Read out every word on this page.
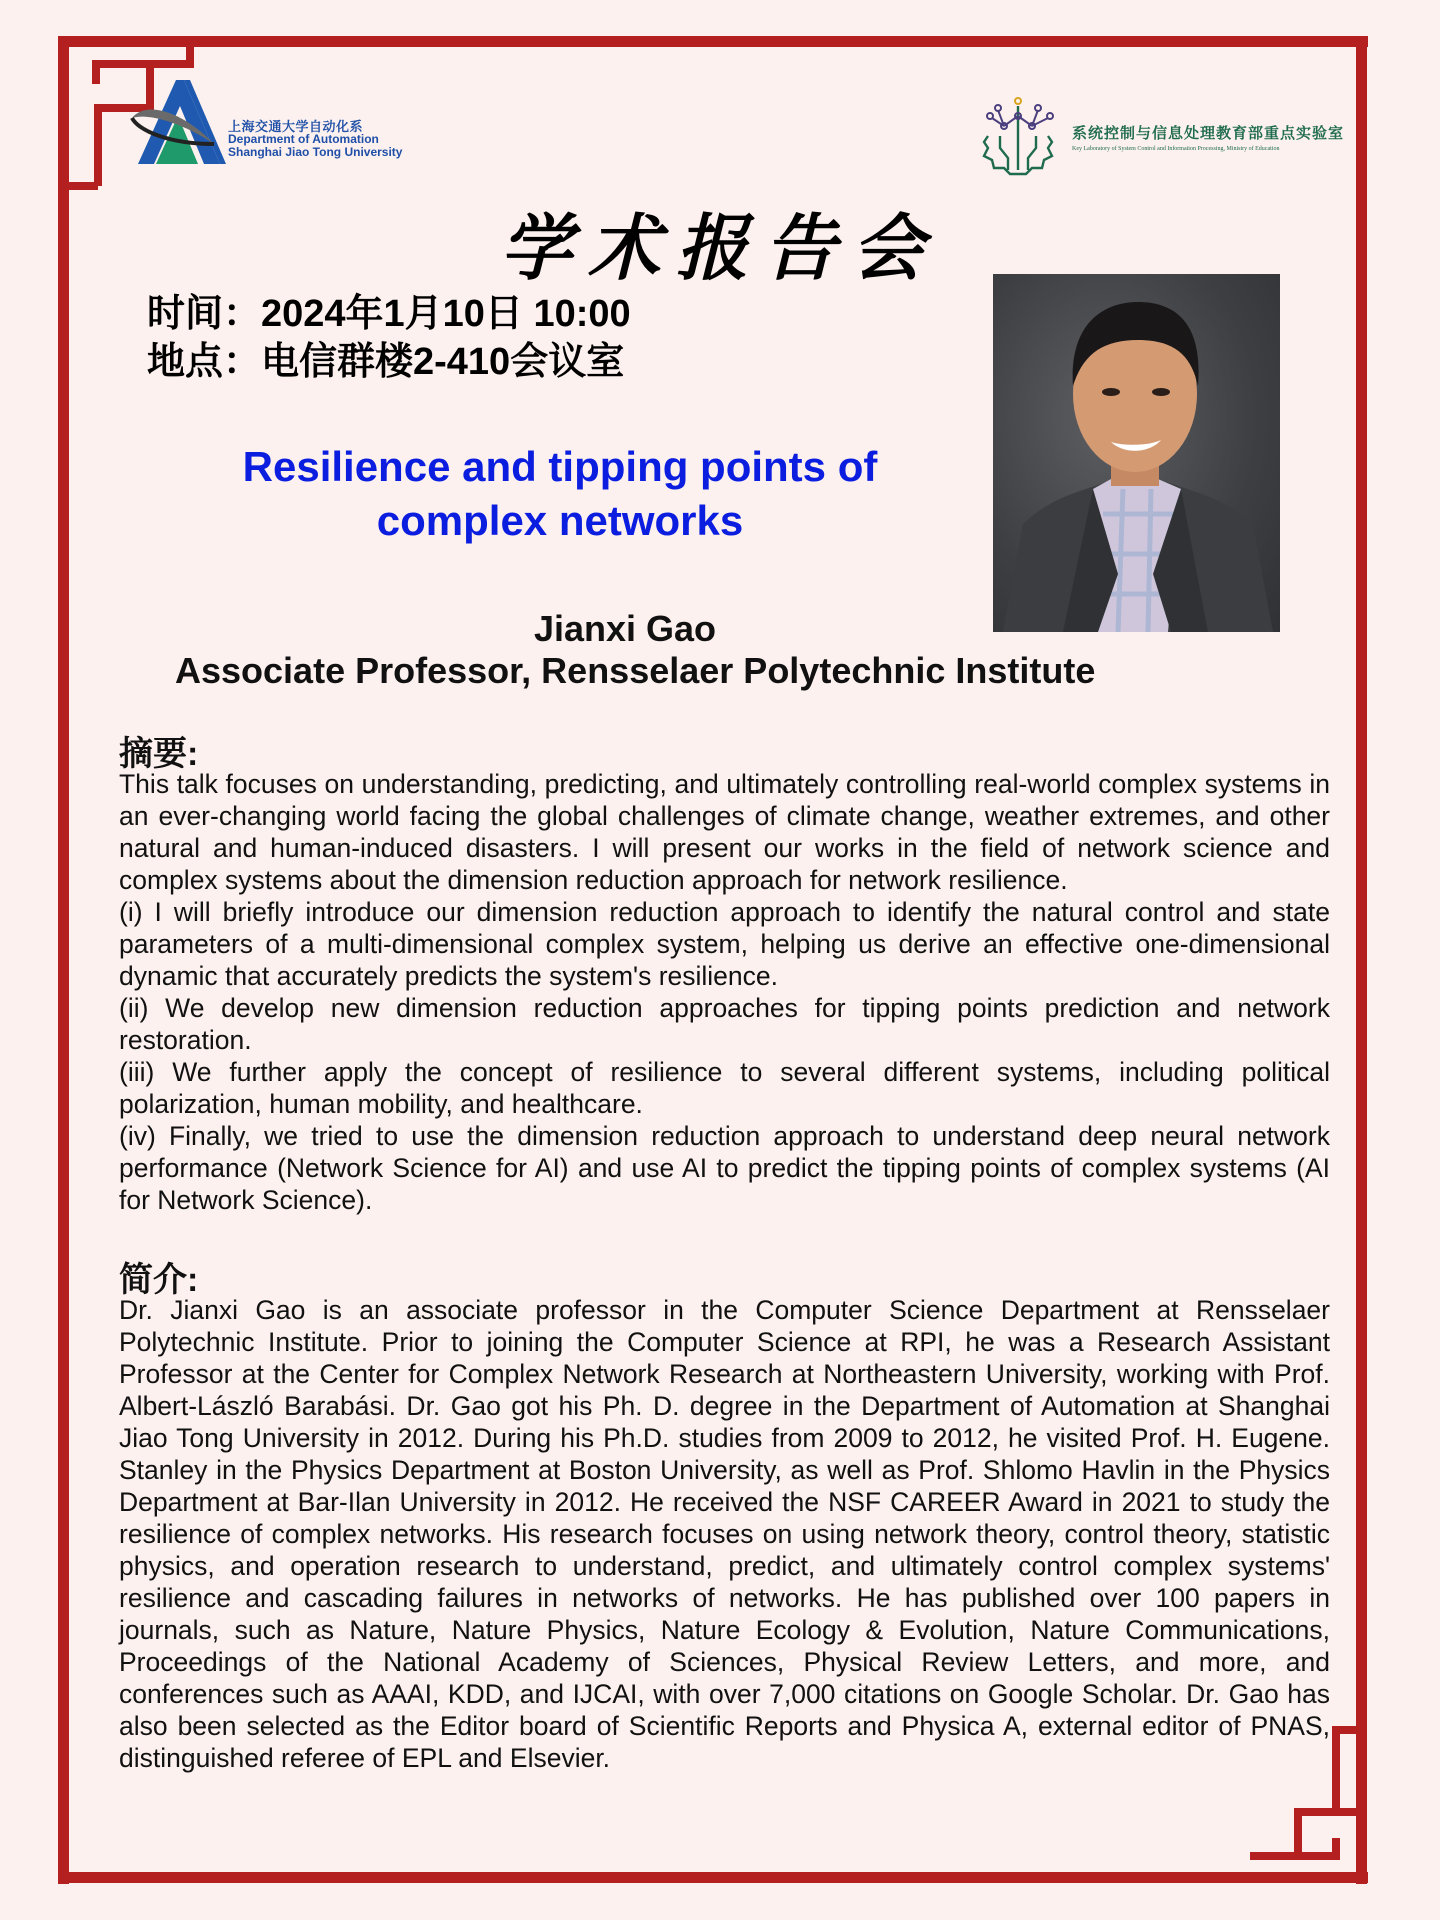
上海交通大学自动化系
Department of Automation
Shanghai Jiao Tong University
系统控制与信息处理教育部重点实验室
Key Laboratory of System Control and Information Processing, Ministry of Education
学术报告会
时间：2024年1月10日 10:00
地点：电信群楼2-410会议室
Resilience and tipping points of
complex networks
Jianxi Gao
Associate Professor, Rensselaer Polytechnic Institute
摘要:

This talk focuses on understanding, predicting, and ultimately controlling real-world complex systems in an ever-changing world facing the global challenges of climate change, weather extremes, and other natural and human-induced disasters. I will present our works in the field of network science and complex systems about the dimension reduction approach for network resilience.

(i) I will briefly introduce our dimension reduction approach to identify the natural control and state parameters of a multi-dimensional complex system, helping us derive an effective one-dimensional dynamic that accurately predicts the system's resilience.

(ii) We develop new dimension reduction approaches for tipping points prediction and network restoration.

(iii) We further apply the concept of resilience to several different systems, including political polarization, human mobility, and healthcare.

(iv) Finally, we tried to use the dimension reduction approach to understand deep neural network performance (Network Science for AI) and use AI to predict the tipping points of complex systems (AI for Network Science).

简介:

Dr. Jianxi Gao is an associate professor in the Computer Science Department at Rensselaer Polytechnic Institute. Prior to joining the Computer Science at RPI, he was a Research Assistant Professor at the Center for Complex Network Research at Northeastern University, working with Prof. Albert-László Barabási. Dr. Gao got his Ph. D. degree in the Department of Automation at Shanghai Jiao Tong University in 2012. During his Ph.D. studies from 2009 to 2012, he visited Prof. H. Eugene. Stanley in the Physics Department at Boston University, as well as Prof. Shlomo Havlin in the Physics Department at Bar-Ilan University in 2012. He received the NSF CAREER Award in 2021 to study the resilience of complex networks. His research focuses on using network theory, control theory, statistic physics, and operation research to understand, predict, and ultimately control complex systems' resilience and cascading failures in networks of networks. He has published over 100 papers in journals, such as Nature, Nature Physics, Nature Ecology & Evolution, Nature Communications, Proceedings of the National Academy of Sciences, Physical Review Letters, and more, and conferences such as AAAI, KDD, and IJCAI, with over 7,000 citations on Google Scholar. Dr. Gao has also been selected as the Editor board of Scientific Reports and Physica A, external editor of PNAS, distinguished referee of EPL and Elsevier.
